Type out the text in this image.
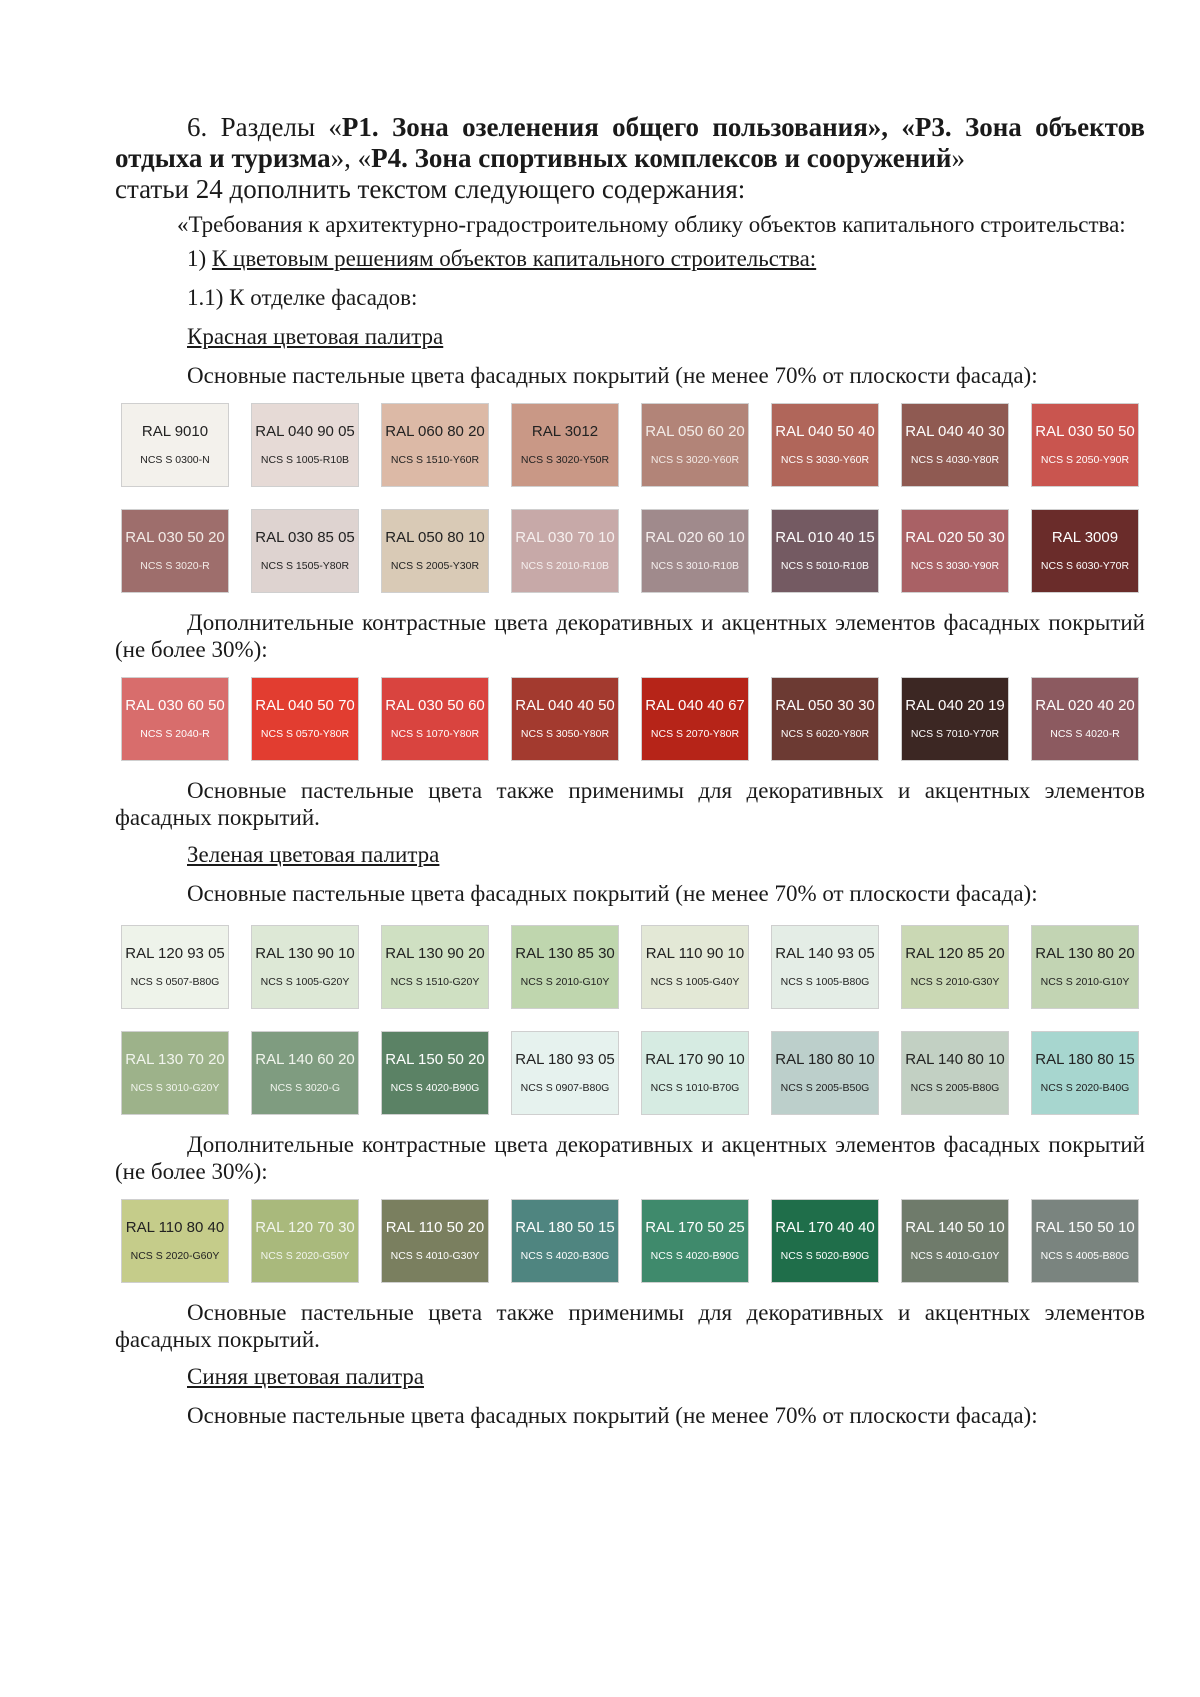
6. Разделы «Р1. Зона озеленения общего пользования», «Р3. Зона объектов отдыха и туризма», «Р4. Зона спортивных комплексов и сооружений»

статьи 24 дополнить текстом следующего содержания:

«Требования к архитектурно-градостроительному облику объектов капитального строительства:

1) К цветовым решениям объектов капитального строительства:

1.1) К отделке фасадов:

Красная цветовая палитра

Основные пастельные цвета фасадных покрытий (не менее 70% от плоскости фасада):

RAL 9010
NCS S 0300-N
RAL 040 90 05
NCS S 1005-R10B
RAL 060 80 20
NCS S 1510-Y60R
RAL 3012
NCS S 3020-Y50R
RAL 050 60 20
NCS S 3020-Y60R
RAL 040 50 40
NCS S 3030-Y60R
RAL 040 40 30
NCS S 4030-Y80R
RAL 030 50 50
NCS S 2050-Y90R
RAL 030 50 20
NCS S 3020-R
RAL 030 85 05
NCS S 1505-Y80R
RAL 050 80 10
NCS S 2005-Y30R
RAL 030 70 10
NCS S 2010-R10B
RAL 020 60 10
NCS S 3010-R10B
RAL 010 40 15
NCS S 5010-R10B
RAL 020 50 30
NCS S 3030-Y90R
RAL 3009
NCS S 6030-Y70R

Дополнительные контрастные цвета декоративных и акцентных элементов фасадных покрытий (не более 30%):

RAL 030 60 50
NCS S 2040-R
RAL 040 50 70
NCS S 0570-Y80R
RAL 030 50 60
NCS S 1070-Y80R
RAL 040 40 50
NCS S 3050-Y80R
RAL 040 40 67
NCS S 2070-Y80R
RAL 050 30 30
NCS S 6020-Y80R
RAL 040 20 19
NCS S 7010-Y70R
RAL 020 40 20
NCS S 4020-R

Основные пастельные цвета также применимы для декоративных и акцентных элементов фасадных покрытий.

Зеленая цветовая палитра

Основные пастельные цвета фасадных покрытий (не менее 70% от плоскости фасада):

RAL 120 93 05
NCS S 0507-B80G
RAL 130 90 10
NCS S 1005-G20Y
RAL 130 90 20
NCS S 1510-G20Y
RAL 130 85 30
NCS S 2010-G10Y
RAL 110 90 10
NCS S 1005-G40Y
RAL 140 93 05
NCS S 1005-B80G
RAL 120 85 20
NCS S 2010-G30Y
RAL 130 80 20
NCS S 2010-G10Y
RAL 130 70 20
NCS S 3010-G20Y
RAL 140 60 20
NCS S 3020-G
RAL 150 50 20
NCS S 4020-B90G
RAL 180 93 05
NCS S 0907-B80G
RAL 170 90 10
NCS S 1010-B70G
RAL 180 80 10
NCS S 2005-B50G
RAL 140 80 10
NCS S 2005-B80G
RAL 180 80 15
NCS S 2020-B40G

Дополнительные контрастные цвета декоративных и акцентных элементов фасадных покрытий (не более 30%):

RAL 110 80 40
NCS S 2020-G60Y
RAL 120 70 30
NCS S 2020-G50Y
RAL 110 50 20
NCS S 4010-G30Y
RAL 180 50 15
NCS S 4020-B30G
RAL 170 50 25
NCS S 4020-B90G
RAL 170 40 40
NCS S 5020-B90G
RAL 140 50 10
NCS S 4010-G10Y
RAL 150 50 10
NCS S 4005-B80G

Основные пастельные цвета также применимы для декоративных и акцентных элементов фасадных покрытий.

Синяя цветовая палитра

Основные пастельные цвета фасадных покрытий (не менее 70% от плоскости фасада):
